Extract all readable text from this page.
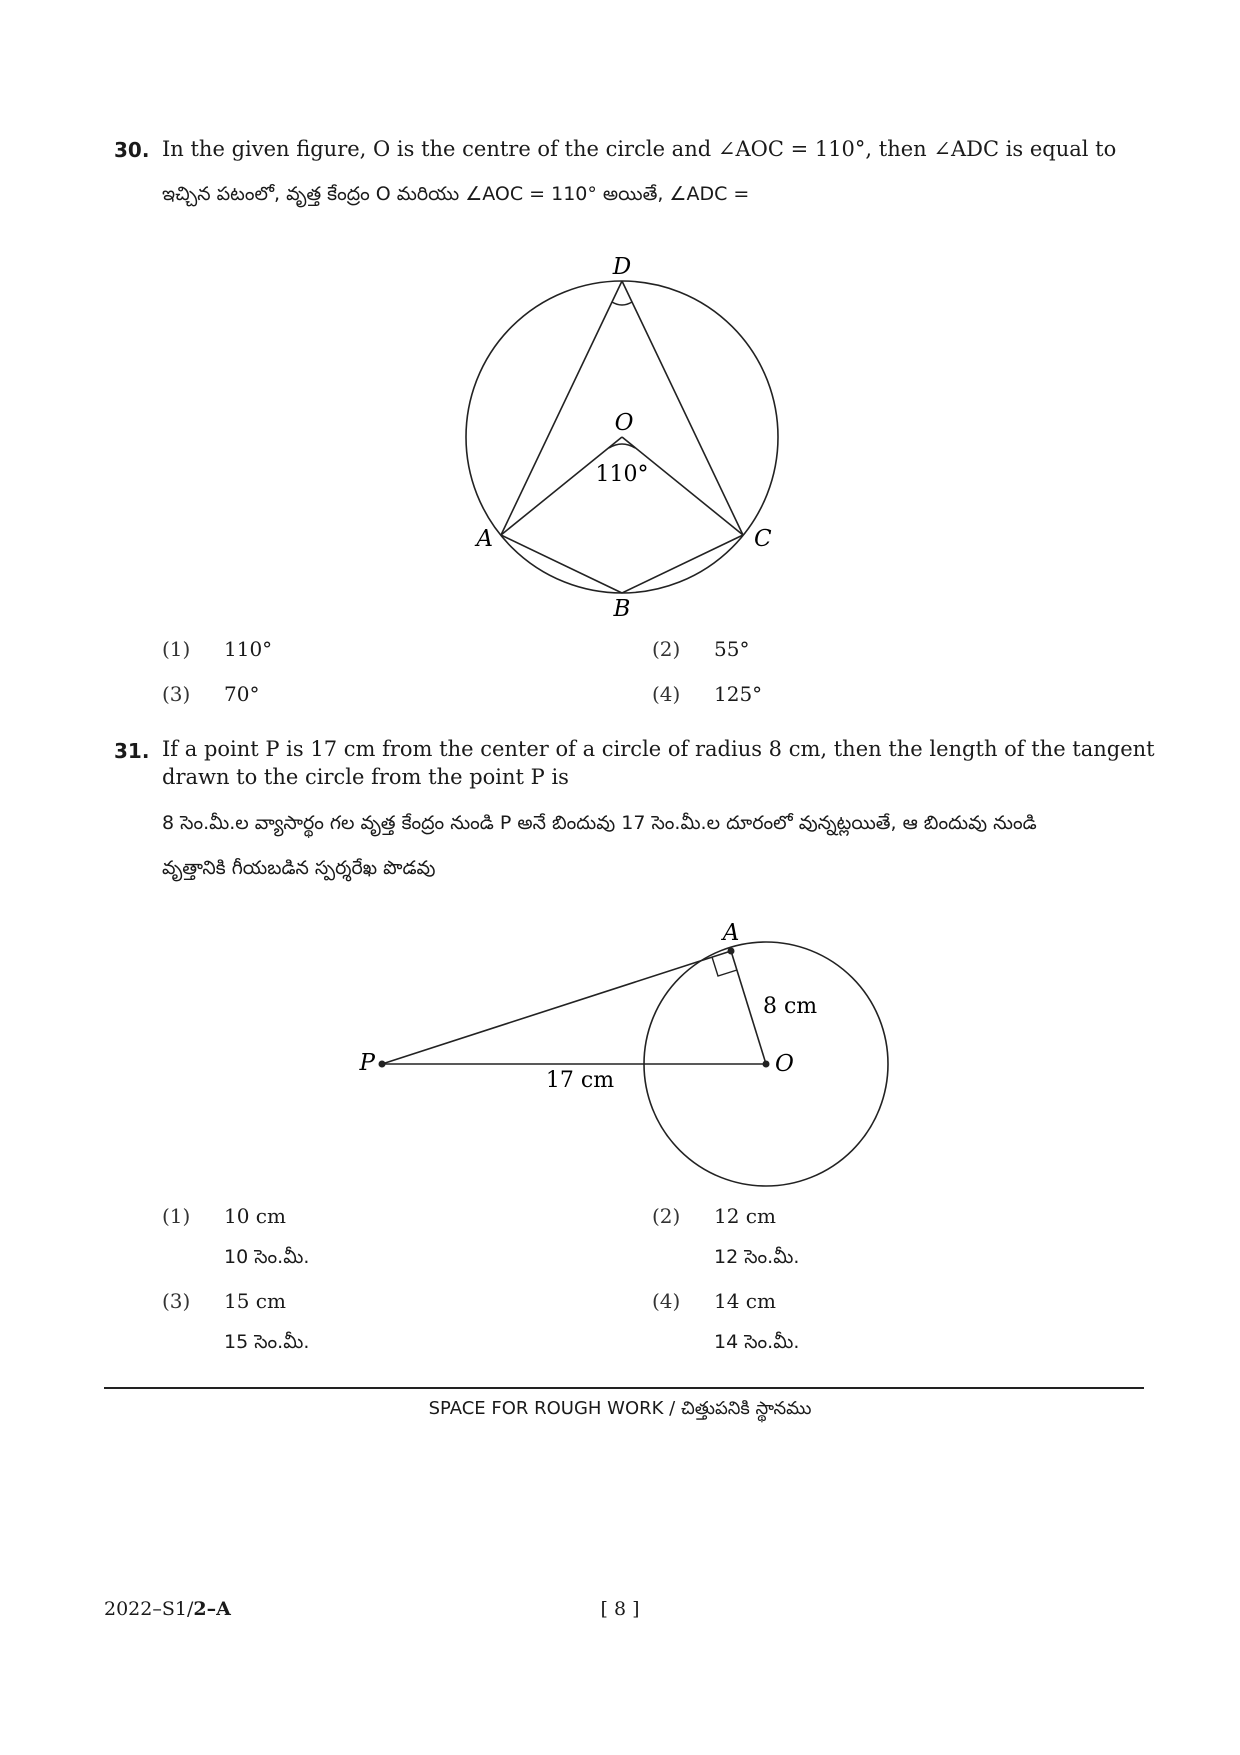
30. In the given figure, O is the centre of the circle and ∠AOC = 110°, then ∠ADC is equal to
ఇచ్చిన పటంలో, వృత్త కేంద్రం O మరియు ∠AOC = 110° అయితే, ∠ADC =
D
O
110°
A	C
B
(1) 110°	(2) 55°
(3) 70°	(4) 125°
31. If a point P is 17 cm from the center of a circle of radius 8 cm, then the length of the tangent
drawn to the circle from the point P is
8 సెం.మీ.ల వ్యాసార్థం గల వృత్త కేంద్రం నుండి P అనే బిందువు 17 సెం.మీ.ల దూరంలో వున్నట్లయితే, ఆ బిందువు నుండి
వృత్తానికి గీయబడిన స్పర్శరేఖ పొడవు
P
A
O
8 cm
17 cm
(1) 10 cm
10 సెం.మీ.
(2) 12 cm
12 సెం.మీ.
(3) 15 cm
15 సెం.మీ.
(4) 14 cm
14 సెం.మీ.
SPACE FOR ROUGH WORK / చిత్తుపనికి స్థానము
2022–S1/2–A	[ 8 ]
